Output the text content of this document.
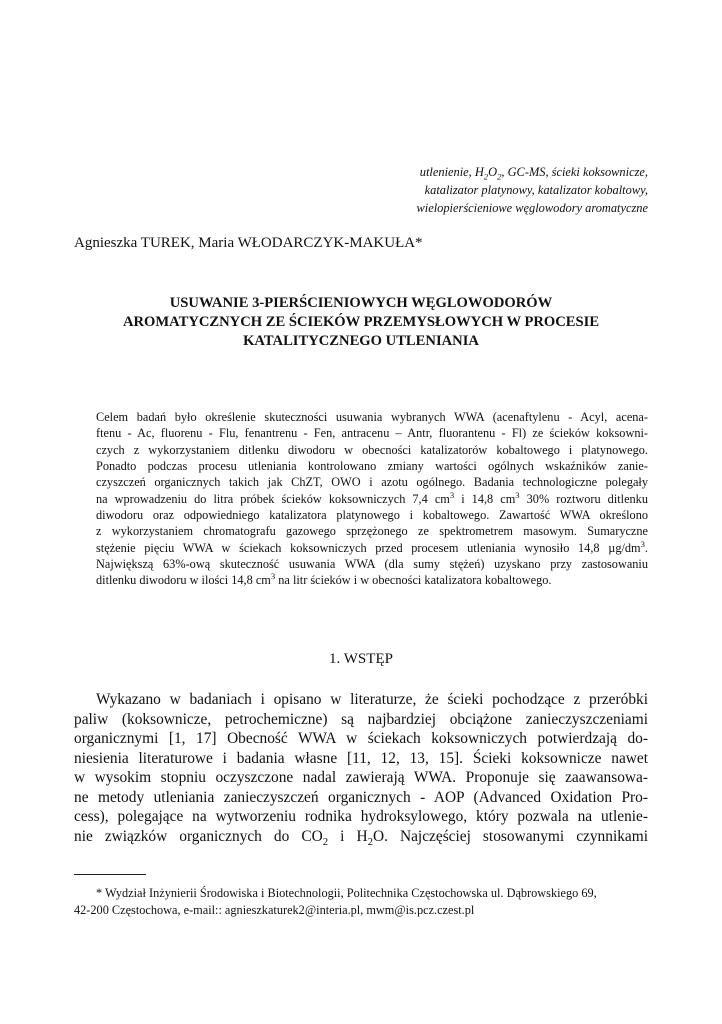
utlenienie, $H_2O_2$, GC-MS, ścieki koksownicze,
katalizator platynowy, katalizator kobaltowy,
wielopierścieniowe węglowodory aromatyczne
Agnieszka TUREK, Maria WŁODARCZYK-MAKUŁA*
USUWANIE 3-PIERŚCIENIOWYCH WĘGLOWODORÓW
AROMATYCZNYCH ZE ŚCIEKÓW PRZEMYSŁOWYCH W PROCESIE
KATALITYCZNEGO UTLENIANIA
Celem badań było określenie skuteczności usuwania wybranych WWA (acenaftylenu - Acyl, acena-
ftenu - Ac, fluorenu - Flu, fenantrenu - Fen, antracenu – Antr, fluorantenu - Fl) ze ścieków koksowni-
czych z wykorzystaniem ditlenku diwodoru w obecności katalizatorów kobaltowego i platynowego.
Ponadto podczas procesu utleniania kontrolowano zmiany wartości ogólnych wskaźników zanie-
czyszczeń organicznych takich jak ChZT, OWO i azotu ogólnego. Badania technologiczne polegały
na wprowadzeniu do litra próbek ścieków koksowniczych 7,4 $cm^3$ i 14,8 $cm^3$ 30% roztworu ditlenku
diwodoru oraz odpowiedniego katalizatora platynowego i kobaltowego. Zawartość WWA określono
z wykorzystaniem chromatografu gazowego sprzężonego ze spektrometrem masowym. Sumaryczne
stężenie pięciu WWA w ściekach koksowniczych przed procesem utleniania wynosiło 14,8 $\mu g/dm^3$.
Największą 63%-ową skuteczność usuwania WWA (dla sumy stężeń) uzyskano przy zastosowaniu
ditlenku diwodoru w ilości 14,8 $cm^3$ na litr ścieków i w obecności katalizatora kobaltowego.
1. WSTĘP
Wykazano w badaniach i opisano w literaturze, że ścieki pochodzące z przeróbki
paliw (koksownicze, petrochemiczne) są najbardziej obciążone zanieczyszczeniami
organicznymi [1, 17] Obecność WWA w ściekach koksowniczych potwierdzają do-
niesienia literaturowe i badania własne [11, 12, 13, 15]. Ścieki koksownicze nawet
w wysokim stopniu oczyszczone nadal zawierają WWA. Proponuje się zaawansowa-
ne metody utleniania zanieczyszczeń organicznych - AOP (Advanced Oxidation Pro-
cess), polegające na wytworzeniu rodnika hydroksylowego, który pozwala na utlenie-
nie związków organicznych do $CO_2$ i $H_2O$. Najczęściej stosowanymi czynnikami
* Wydział Inżynierii Środowiska i Biotechnologii, Politechnika Częstochowska ul. Dąbrowskiego 69,
42-200 Częstochowa, e-mail:: agnieszkaturek2@interia.pl, mwm@is.pcz.czest.pl
